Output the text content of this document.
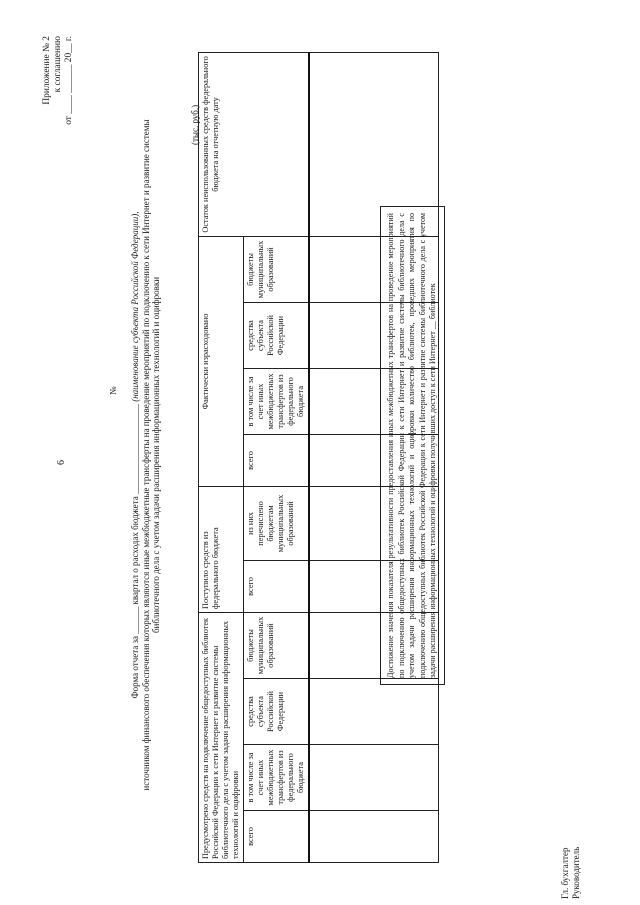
6
Приложение № 2 к соглашению от ____ ______ 20__ г.
№
Форма отчета за ______ квартал о расходах бюджета ____________________ (наименование субъекта Российской Федерации), источником финансового обеспечения которых являются иные межбюджетные трансферты на проведение мероприятий по подключению к сети Интернет и развитие системы библиотечного дела с учетом задачи расширения информационных технологий и оцифровки
(тыс. руб.)
Предусмотрено средств на подключение общедоступных библиотек Российской Федерации к сети Интернет и развитие системы библиотечного дела с учетом задачи расширения информационных технологий и оцифровки				Поступило средств из федерального бюджета		Фактически израсходовано				Остаток неиспользованных средств федерального бюджета на отчетную дату
всего	в том числе за счет иных межбюджетных трансфертов из федерального бюджета	средства субъекта Российской Федерации	бюджеты муниципальных образований	всего	из них перечислено бюджетам муниципальных образований	всего	в том числе за счет иных межбюджетных трансфертов из федерального бюджета	средства субъекта Российской Федерации	бюджеты муниципальных образований	
											Достижение значения показателя результативности предоставления иных межбюджетных трансфертов на проведение мероприятий по подключению общедоступных библиотек Российской Федерации к сети Интернет и развитие системы библиотечного дела с учетом задачи расширения информационных технологий и оцифровки количество библиотек, проведших мероприятия по подключению общедоступных библиотек Российской Федерации к сети Интернет и развитие системы библиотечного дела с учетом задачи расширения информационных технологий и оцифровки получивших доступ к сети Интернет __ библиотек
Гл. бухгалтер Руководитель
